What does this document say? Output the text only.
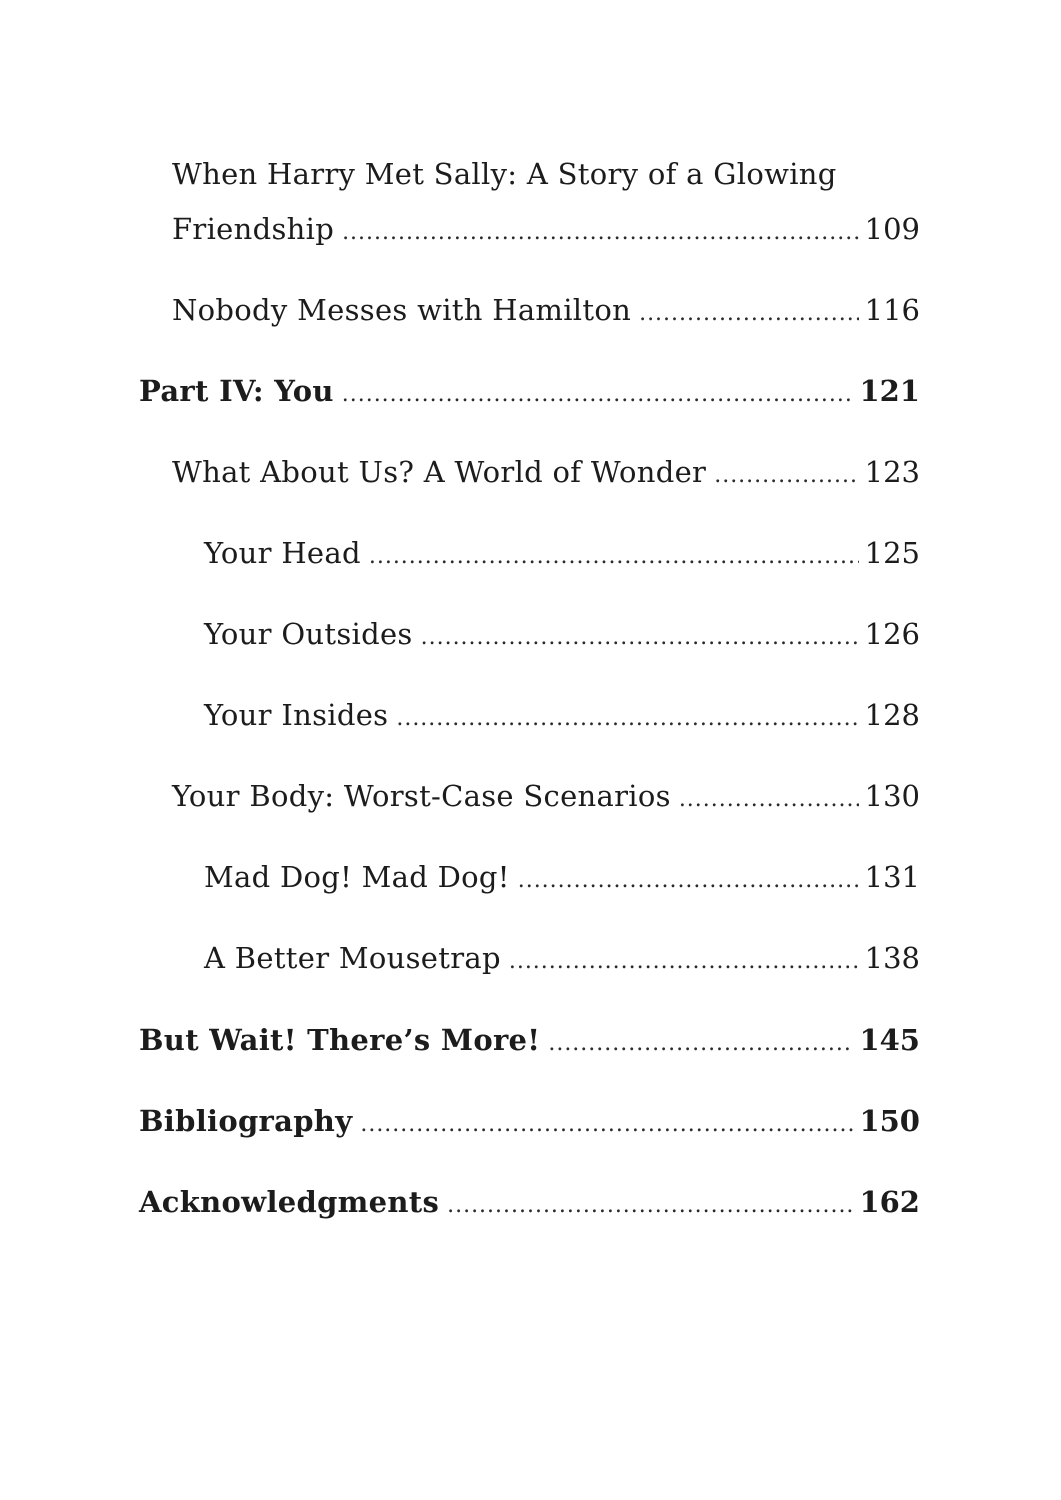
When Harry Met Sally: A Story of a Glowing
Friendship . . .	109
Nobody Messes with Hamilton . . .	116
Part IV: You . . .	121
What About Us? A World of Wonder . . .	123
Your Head . . .	125
Your Outsides . . .	126
Your Insides . . .	128
Your Body: Worst-Case Scenarios . . .	130
Mad Dog! Mad Dog! . . .	131
A Better Mousetrap . . .	138
But Wait! There’s More! . . .	145
Bibliography . . .	150
Acknowledgments . . .	162
